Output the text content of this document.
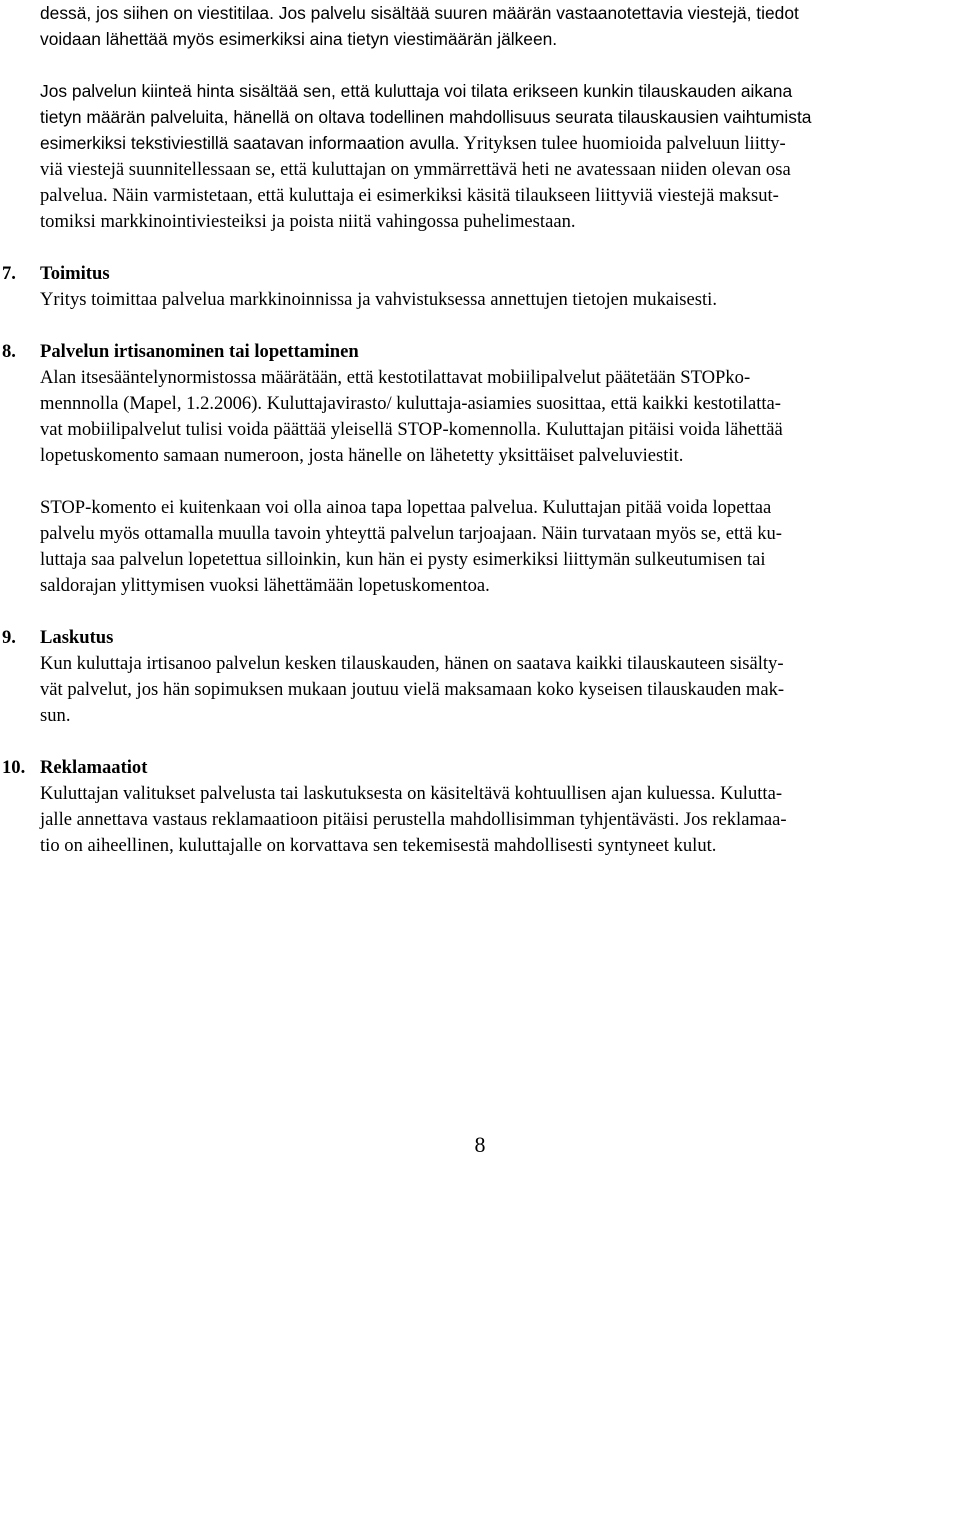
dessä, jos siihen on viestitilaa. Jos palvelu sisältää suuren määrän vastaanotettavia viestejä, tiedot
voidaan lähettää myös esimerkiksi aina tietyn viestimäärän jälkeen.

Jos palvelun kiinteä hinta sisältää sen, että kuluttaja voi tilata erikseen kunkin tilauskauden aikana
tietyn määrän palveluita, hänellä on oltava todellinen mahdollisuus seurata tilauskausien vaihtumista
esimerkiksi tekstiviestillä saatavan informaation avulla. Yrityksen tulee huomioida palveluun liitty-
viä viestejä suunnitellessaan se, että kuluttajan on ymmärrettävä heti ne avatessaan niiden olevan osa
palvelua. Näin varmistetaan, että kuluttaja ei esimerkiksi käsitä tilaukseen liittyviä viestejä maksut-
tomiksi markkinointiviesteiksi ja poista niitä vahingossa puhelimestaan.

7.	Toimitus

Yritys toimittaa palvelua markkinoinnissa ja vahvistuksessa annettujen tietojen mukaisesti.

8.	Palvelun irtisanominen tai lopettaminen

Alan itsesääntelynormistossa määrätään, että kestotilattavat mobiilipalvelut päätetään STOPko-
mennnolla (Mapel, 1.2.2006). Kuluttajavirasto/ kuluttaja-asiamies suosittaa, että kaikki kestotilatta-
vat mobiilipalvelut tulisi voida päättää yleisellä STOP-komennolla. Kuluttajan pitäisi voida lähettää
lopetuskomento samaan numeroon, josta hänelle on lähetetty yksittäiset palveluviestit.

STOP-komento ei kuitenkaan voi olla ainoa tapa lopettaa palvelua. Kuluttajan pitää voida lopettaa
palvelu myös ottamalla muulla tavoin yhteyttä palvelun tarjoajaan. Näin turvataan myös se, että ku-
luttaja saa palvelun lopetettua silloinkin, kun hän ei pysty esimerkiksi liittymän sulkeutumisen tai
saldorajan ylittymisen vuoksi lähettämään lopetuskomentoa.

9.	Laskutus

Kun kuluttaja irtisanoo palvelun kesken tilauskauden, hänen on saatava kaikki tilauskauteen sisälty-
vät palvelut, jos hän sopimuksen mukaan joutuu vielä maksamaan koko kyseisen tilauskauden mak-
sun.

10. Reklamaatiot

Kuluttajan valitukset palvelusta tai laskutuksesta on käsiteltävä kohtuullisen ajan kuluessa. Kulutta-
jalle annettava vastaus reklamaatioon pitäisi perustella mahdollisimman tyhjentävästi. Jos reklamaa-
tio on aiheellinen, kuluttajalle on korvattava sen tekemisestä mahdollisesti syntyneet kulut.

8
